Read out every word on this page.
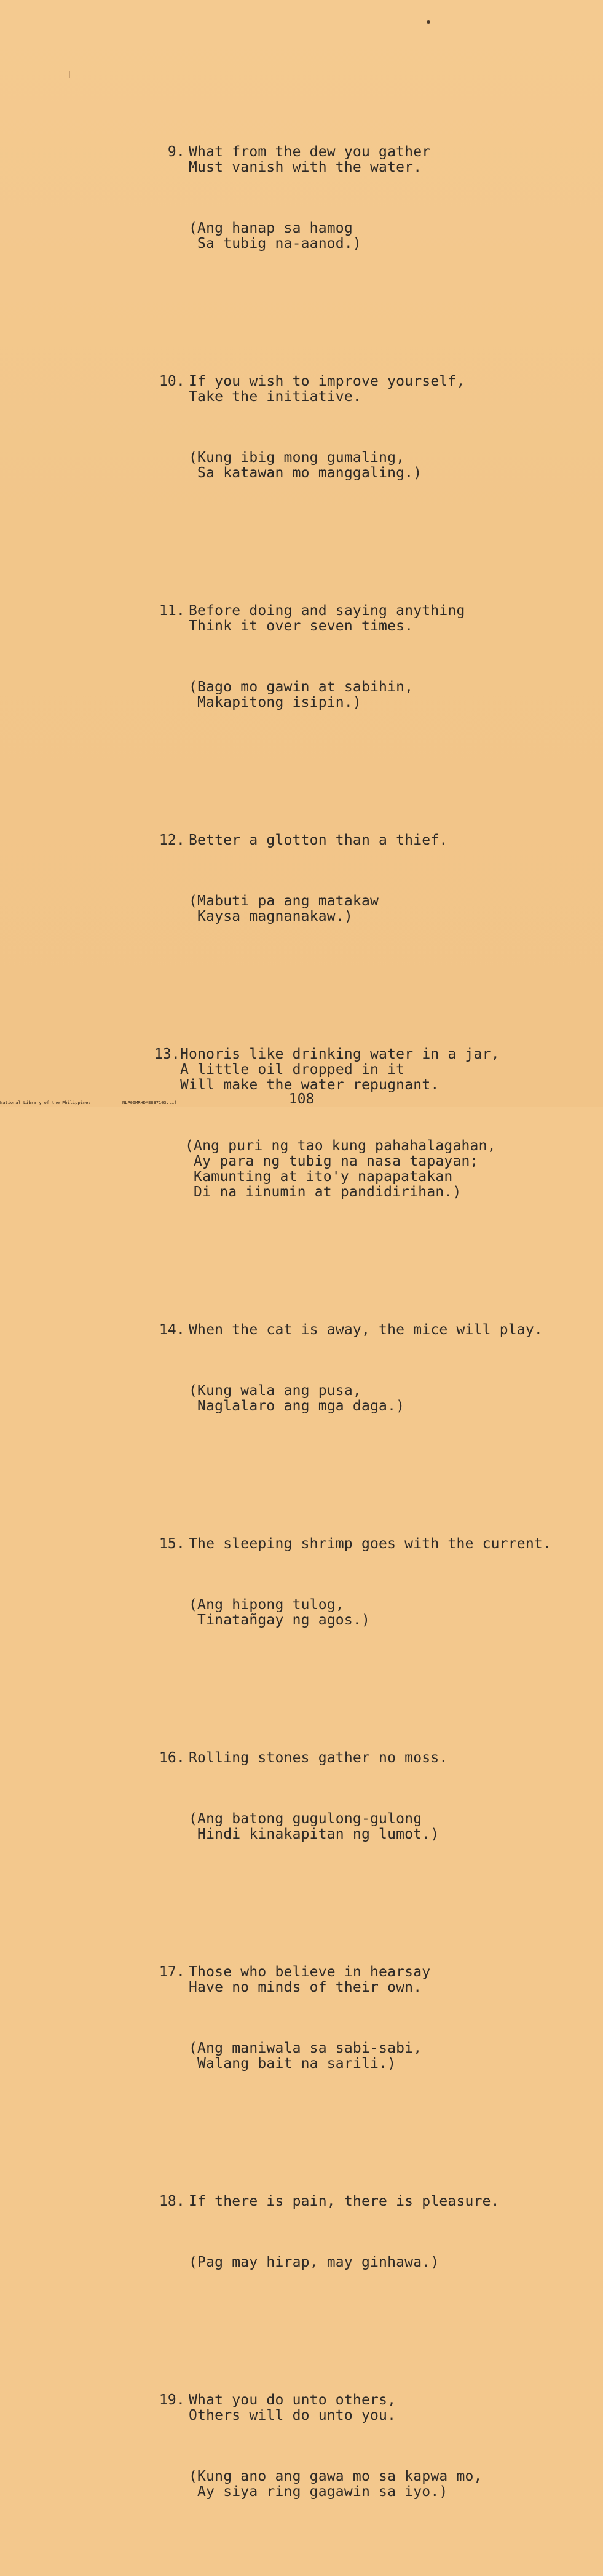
9. What from the dew you gather
Must vanish with the water.

(Ang hanap sa hamog
Sa tubig na-aanod.)

10. If you wish to improve yourself,
Take the initiative.

(Kung ibig mong gumaling,
Sa katawan mo manggaling.)

11. Before doing and saying anything
Think it over seven times.

(Bago mo gawin at sabihin,
Makapitong isipin.)

12. Better a glotton than a thief.

(Mabuti pa ang matakaw
Kaysa magnanakaw.)

13. Honoris like drinking water in a jar,
A little oil dropped in it
Will make the water repugnant.

(Ang puri ng tao kung pahahalagahan,
Ay para ng tubig na nasa tapayan;
Kamunting at ito'y napapatakan
Di na iinumin at pandidirihan.)

14. When the cat is away, the mice will play.

(Kung wala ang pusa,
Naglalaro ang mga daga.)

15. The sleeping shrimp goes with the current.

(Ang hipong tulog,
Tinatañgay ng agos.)

16. Rolling stones gather no moss.

(Ang batong gugulong-gulong
Hindi kinakapitan ng lumot.)

17. Those who believe in hearsay
Have no minds of their own.

(Ang maniwala sa sabi-sabi,
Walang bait na sarili.)

18. If there is pain, there is pleasure.

(Pag may hirap, may ginhawa.)

19. What you do unto others,
Others will do unto you.

(Kung ano ang gawa mo sa kapwa mo,
Ay siya ring gagawin sa iyo.)

108
National Library of the Philippines	NLP00MRHDME837103.tif
